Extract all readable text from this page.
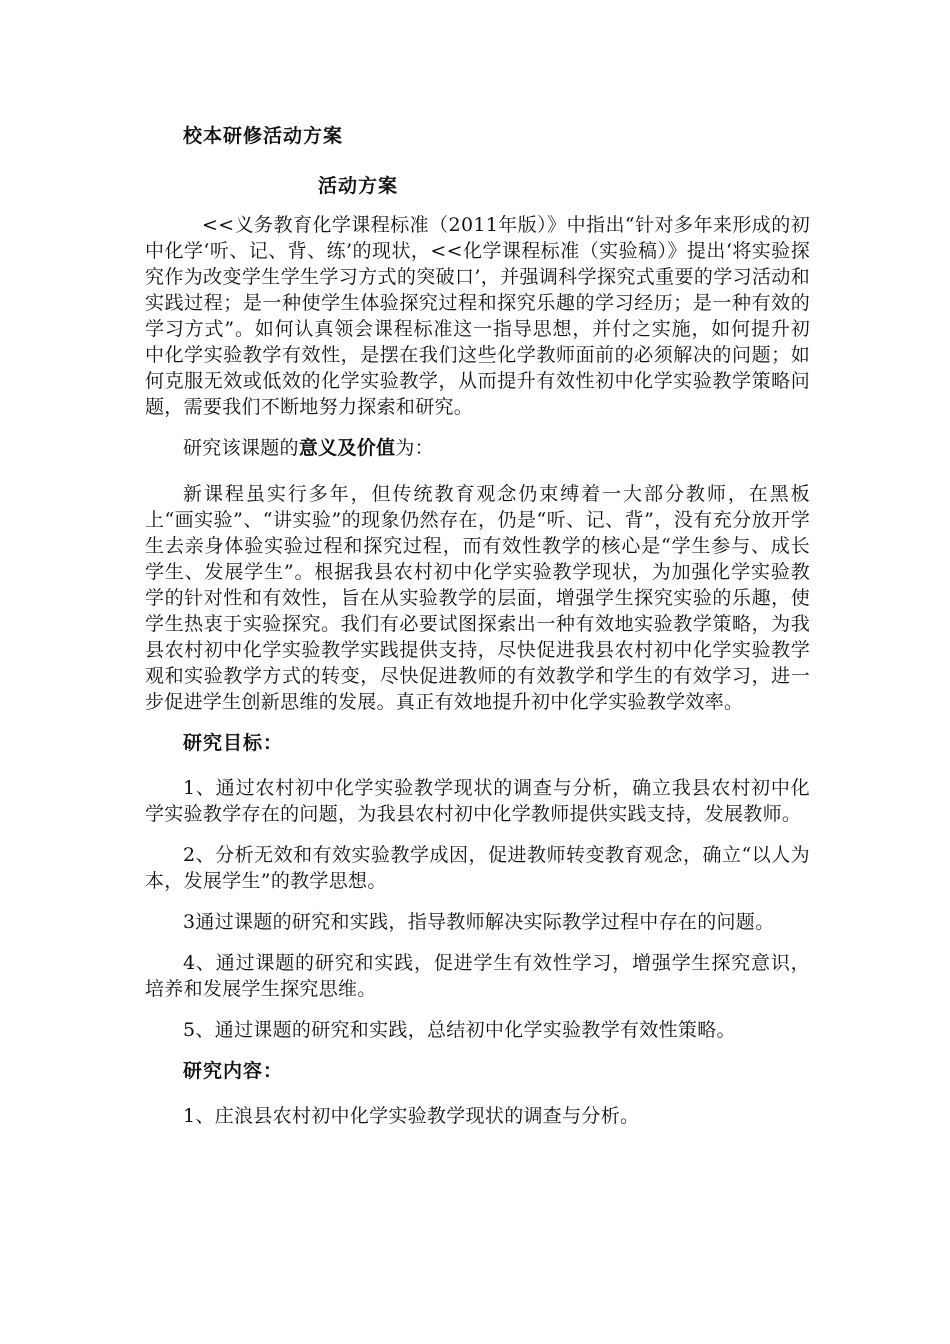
校本研修活动方案
活动方案

<<义务教育化学课程标准（2011年版）》中指出“针对多年来形成的初中化学‘听、记、背、练’的现状，<<化学课程标准（实验稿）》提出‘将实验探究作为改变学生学生学习方式的突破口’，并强调科学探究式重要的学习活动和实践过程；是一种使学生体验探究过程和探究乐趣的学习经历；是一种有效的学习方式”。如何认真领会课程标准这一指导思想，并付之实施，如何提升初中化学实验教学有效性，是摆在我们这些化学教师面前的必须解决的问题；如何克服无效或低效的化学实验教学，从而提升有效性初中化学实验教学策略问题，需要我们不断地努力探索和研究。

研究该课题的意义及价值为：

新课程虽实行多年，但传统教育观念仍束缚着一大部分教师，在黑板上“画实验”、“讲实验”的现象仍然存在，仍是“听、记、背”，没有充分放开学生去亲身体验实验过程和探究过程，而有效性教学的核心是“学生参与、成长学生、发展学生”。根据我县农村初中化学实验教学现状，为加强化学实验教学的针对性和有效性，旨在从实验教学的层面，增强学生探究实验的乐趣，使学生热衷于实验探究。我们有必要试图探索出一种有效地实验教学策略，为我县农村初中化学实验教学实践提供支持，尽快促进我县农村初中化学实验教学观和实验教学方式的转变，尽快促进教师的有效教学和学生的有效学习，进一步促进学生创新思维的发展。真正有效地提升初中化学实验教学效率。

研究目标：

1、通过农村初中化学实验教学现状的调查与分析，确立我县农村初中化学实验教学存在的问题，为我县农村初中化学教师提供实践支持，发展教师。

2、分析无效和有效实验教学成因，促进教师转变教育观念，确立“以人为本，发展学生”的教学思想。

3通过课题的研究和实践，指导教师解决实际教学过程中存在的问题。

4、通过课题的研究和实践，促进学生有效性学习，增强学生探究意识，培养和发展学生探究思维。

5、通过课题的研究和实践，总结初中化学实验教学有效性策略。

研究内容：

1、庄浪县农村初中化学实验教学现状的调查与分析。
